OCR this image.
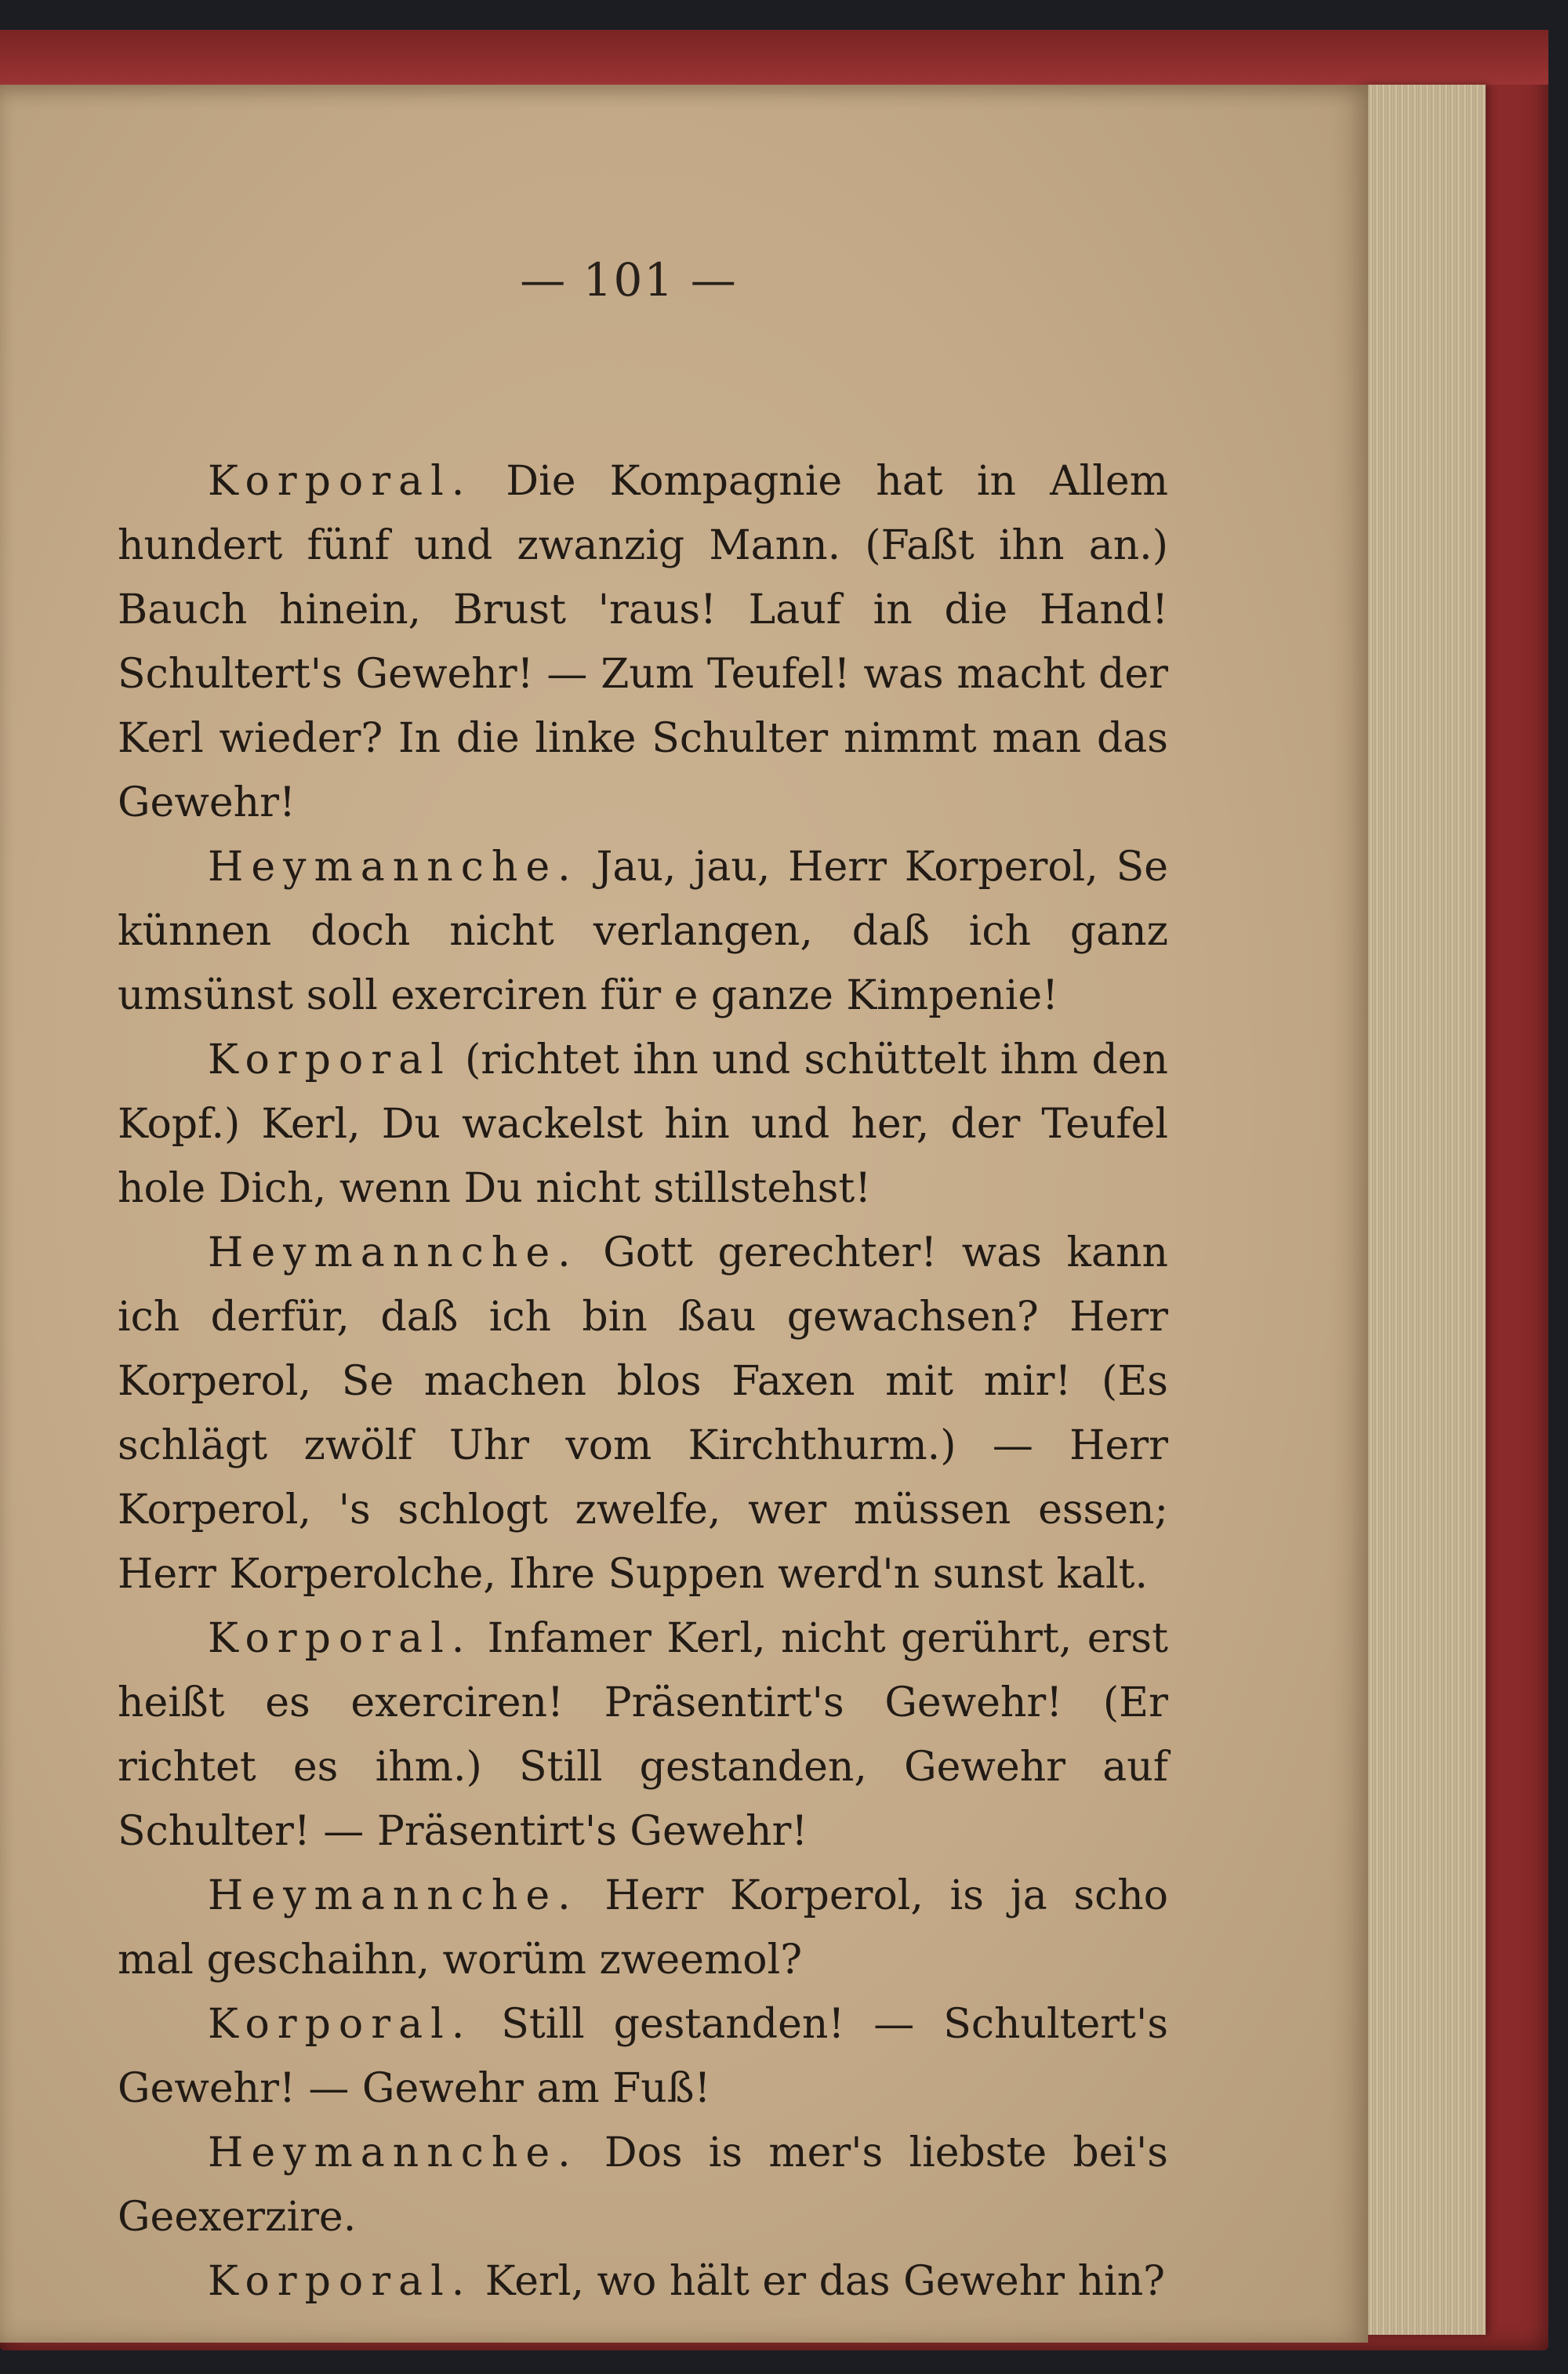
— 101 —

Korporal. Die Kompagnie hat in Allem hundert fünf und zwanzig Mann. (Faßt ihn an.) Bauch hinein, Brust 'raus! Lauf in die Hand! Schultert's Gewehr! — Zum Teufel! was macht der Kerl wieder? In die linke Schulter nimmt man das Gewehr!

Heymannche. Jau, jau, Herr Korperol, Se künnen doch nicht verlangen, daß ich ganz umsünst soll exerciren für e ganze Kimpenie!

Korporal (richtet ihn und schüttelt ihm den Kopf.) Kerl, Du wackelst hin und her, der Teufel hole Dich, wenn Du nicht stillstehst!

Heymannche. Gott gerechter! was kann ich derfür, daß ich bin ßau gewachsen? Herr Korperol, Se machen blos Faxen mit mir! (Es schlägt zwölf Uhr vom Kirchthurm.) — Herr Korperol, 's schlogt zwelfe, wer müssen essen; Herr Korperolche, Ihre Suppen werd'n sunst kalt.

Korporal. Infamer Kerl, nicht gerührt, erst heißt es exerciren! Präsentirt's Gewehr! (Er richtet es ihm.) Still gestanden, Gewehr auf Schulter! — Präsentirt's Gewehr!

Heymannche. Herr Korperol, is ja scho mal geschaihn, worüm zweemol?

Korporal. Still gestanden! — Schultert's Gewehr! — Gewehr am Fuß!

Heymannche. Dos is mer's liebste bei's Geexerzire.

Korporal. Kerl, wo hält er das Gewehr hin?
